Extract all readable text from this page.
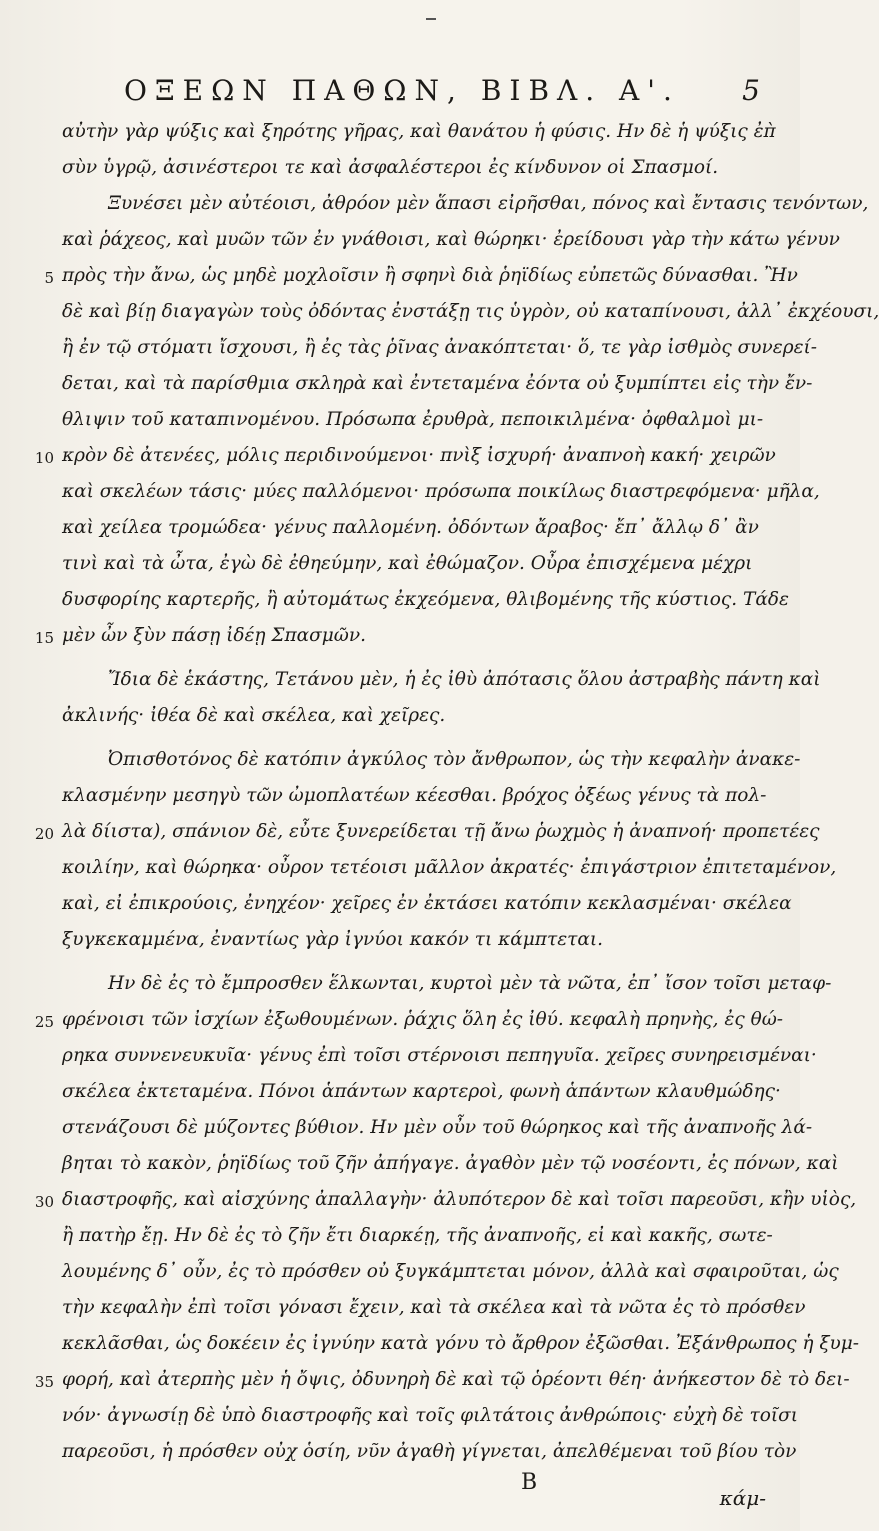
ΟΞΕΩΝ ΠΑΘΩΝ, ΒΙΒΛ. Α'. 5
αὐτὴν γὰρ ψύξις καὶ ξηρότης γῆρας, καὶ θανάτου ἡ φύσις. Ην δὲ ἡ ψύξις ἐπ̀
σὺν ὑγρῷ, ἀσινέστεροι τε καὶ ἀσφαλέστεροι ἐς κίνδυνον οἱ Σπασμοί.
Ξυνέσει μὲν αὐτέοισι, ἀθρόον μὲν ἅπασι εἰρῆσθαι, πόνος καὶ ἔντασις τενόντων,
καὶ ῥάχεος, καὶ μυῶν τῶν ἐν γνάθοισι, καὶ θώρηκι· ἐρείδουσι γὰρ τὴν κάτω γένυν
5 πρὸς τὴν ἄνω, ὡς μηδὲ μοχλοῖσιν ἢ σφηνὶ διὰ ῥηϊδίως εὐπετῶς δύνασθαι. Ἢν
δὲ καὶ βίῃ διαγαγὼν τοὺς ὀδόντας ἐνστάξῃ τις ὑγρὸν, οὐ καταπίνουσι, ἀλλ᾽ ἐκχέουσι,
ἢ ἐν τῷ στόματι ἴσχουσι, ἢ ἐς τὰς ῥῖνας ἀνακόπτεται· ὅ, τε γὰρ ἰσθμὸς συνερεί-
δεται, καὶ τὰ παρίσθμια σκληρὰ καὶ ἐντεταμένα ἐόντα οὐ ξυμπίπτει εἰς τὴν ἔν-
θλιψιν τοῦ καταπινομένου. Πρόσωπα ἐρυθρὰ, πεποικιλμένα· ὀφθαλμοὶ μι-
10 κρὸν δὲ ἀτενέες, μόλις περιδινούμενοι· πνὶξ ἰσχυρή· ἀναπνοὴ κακή· χειρῶν
καὶ σκελέων τάσις· μύες παλλόμενοι· πρόσωπα ποικίλως διαστρεφόμενα· μῆλα,
καὶ χείλεα τρομώδεα· γένυς παλλομένη. ὀδόντων ἄραβος· ἔπ᾽ ἄλλῳ δ᾽ ἂν
τινὶ καὶ τὰ ὦτα, ἐγὼ δὲ ἐθηεύμην, καὶ ἐθώμαζον. Οὖρα ἐπισχέμενα μέχρι
δυσφορίης καρτερῆς, ἢ αὐτομάτως ἐκχεόμενα, θλιβομένης τῆς κύστιος. Τάδε
15 μὲν ὦν ξὺν πάσῃ ἰδέῃ Σπασμῶν.
Ἴδια δὲ ἑκάστης, Τετάνου μὲν, ἡ ἐς ἰθὺ ἀπότασις ὅλου ἀστραβὴς πάντη καὶ
ἀκλινής· ἰθέα δὲ καὶ σκέλεα, καὶ χεῖρες.
Ὀπισθοτόνος δὲ κατόπιν ἀγκύλος τὸν ἄνθρωπον, ὡς τὴν κεφαλὴν ἀνακε-
κλασμένην μεσηγὺ τῶν ὠμοπλατέων κέεσθαι. βρόχος ὀξέως γένυς τὰ πολ-
20 λὰ δίιστα), σπάνιον δὲ, εὖτε ξυνερείδεται τῇ ἄνω ῥωχμὸς ἡ ἀναπνοή· προπετέες
κοιλίην, καὶ θώρηκα· οὖρον τετέοισι μᾶλλον ἀκρατές· ἐπιγάστριον ἐπιτεταμένον,
καὶ, εἰ ἐπικρούοις, ἐνηχέον· χεῖρες ἐν ἐκτάσει κατόπιν κεκλασμέναι· σκέλεα
ξυγκεκαμμένα, ἐναντίως γὰρ ἰγνύοι κακόν τι κάμπτεται.
Ην δὲ ἐς τὸ ἔμπροσθεν ἕλκωνται, κυρτοὶ μὲν τὰ νῶτα, ἐπ᾽ ἴσον τοῖσι μεταφ-
25 φρένοισι τῶν ἰσχίων ἐξωθουμένων. ῥάχις ὅλη ἐς ἰθύ. κεφαλὴ πρηνὴς, ἐς θώ-
ρηκα συννενευκυῖα· γένυς ἐπὶ τοῖσι στέρνοισι πεπηγυῖα. χεῖρες συνηρεισμέναι·
σκέλεα ἐκτεταμένα. Πόνοι ἁπάντων καρτεροὶ, φωνὴ ἁπάντων κλαυθμώδης·
στενάζουσι δὲ μύζοντες βύθιον. Ην μὲν οὖν τοῦ θώρηκος καὶ τῆς ἀναπνοῆς λά-
βηται τὸ κακὸν, ῥηϊδίως τοῦ ζῆν ἀπήγαγε. ἀγαθὸν μὲν τῷ νοσέοντι, ἐς πόνων, καὶ
30 διαστροφῆς, καὶ αἰσχύνης ἀπαλλαγὴν· ἀλυπότερον δὲ καὶ τοῖσι παρεοῦσι, κἢν υἱὸς,
ἢ πατὴρ ἔῃ. Ην δὲ ἐς τὸ ζῆν ἔτι διαρκέῃ, τῆς ἀναπνοῆς, εἰ καὶ κακῆς, σωτε-
λουμένης δ᾽ οὖν, ἐς τὸ πρόσθεν οὐ ξυγκάμπτεται μόνον, ἀλλὰ καὶ σφαιροῦται, ὡς
τὴν κεφαλὴν ἐπὶ τοῖσι γόνασι ἔχειν, καὶ τὰ σκέλεα καὶ τὰ νῶτα ἐς τὸ πρόσθεν
κεκλᾶσθαι, ὡς δοκέειν ἐς ἰγνύην κατὰ γόνυ τὸ ἄρθρον ἐξῶσθαι. Ἐξάνθρωπος ἡ ξυμ-
35 φορή, καὶ ἀτερπὴς μὲν ἡ ὄψις, ὀδυνηρὴ δὲ καὶ τῷ ὁρέοντι θέη· ἀνήκεστον δὲ τὸ δει-
νόν· ἀγνωσίῃ δὲ ὑπὸ διαστροφῆς καὶ τοῖς φιλτάτοις ἀνθρώποις· εὐχὴ δὲ τοῖσι
παρεοῦσι, ἡ πρόσθεν οὐχ ὁσίη, νῦν ἀγαθὴ γίγνεται, ἀπελθέμεναι τοῦ βίου τὸν
B
κάμ-
